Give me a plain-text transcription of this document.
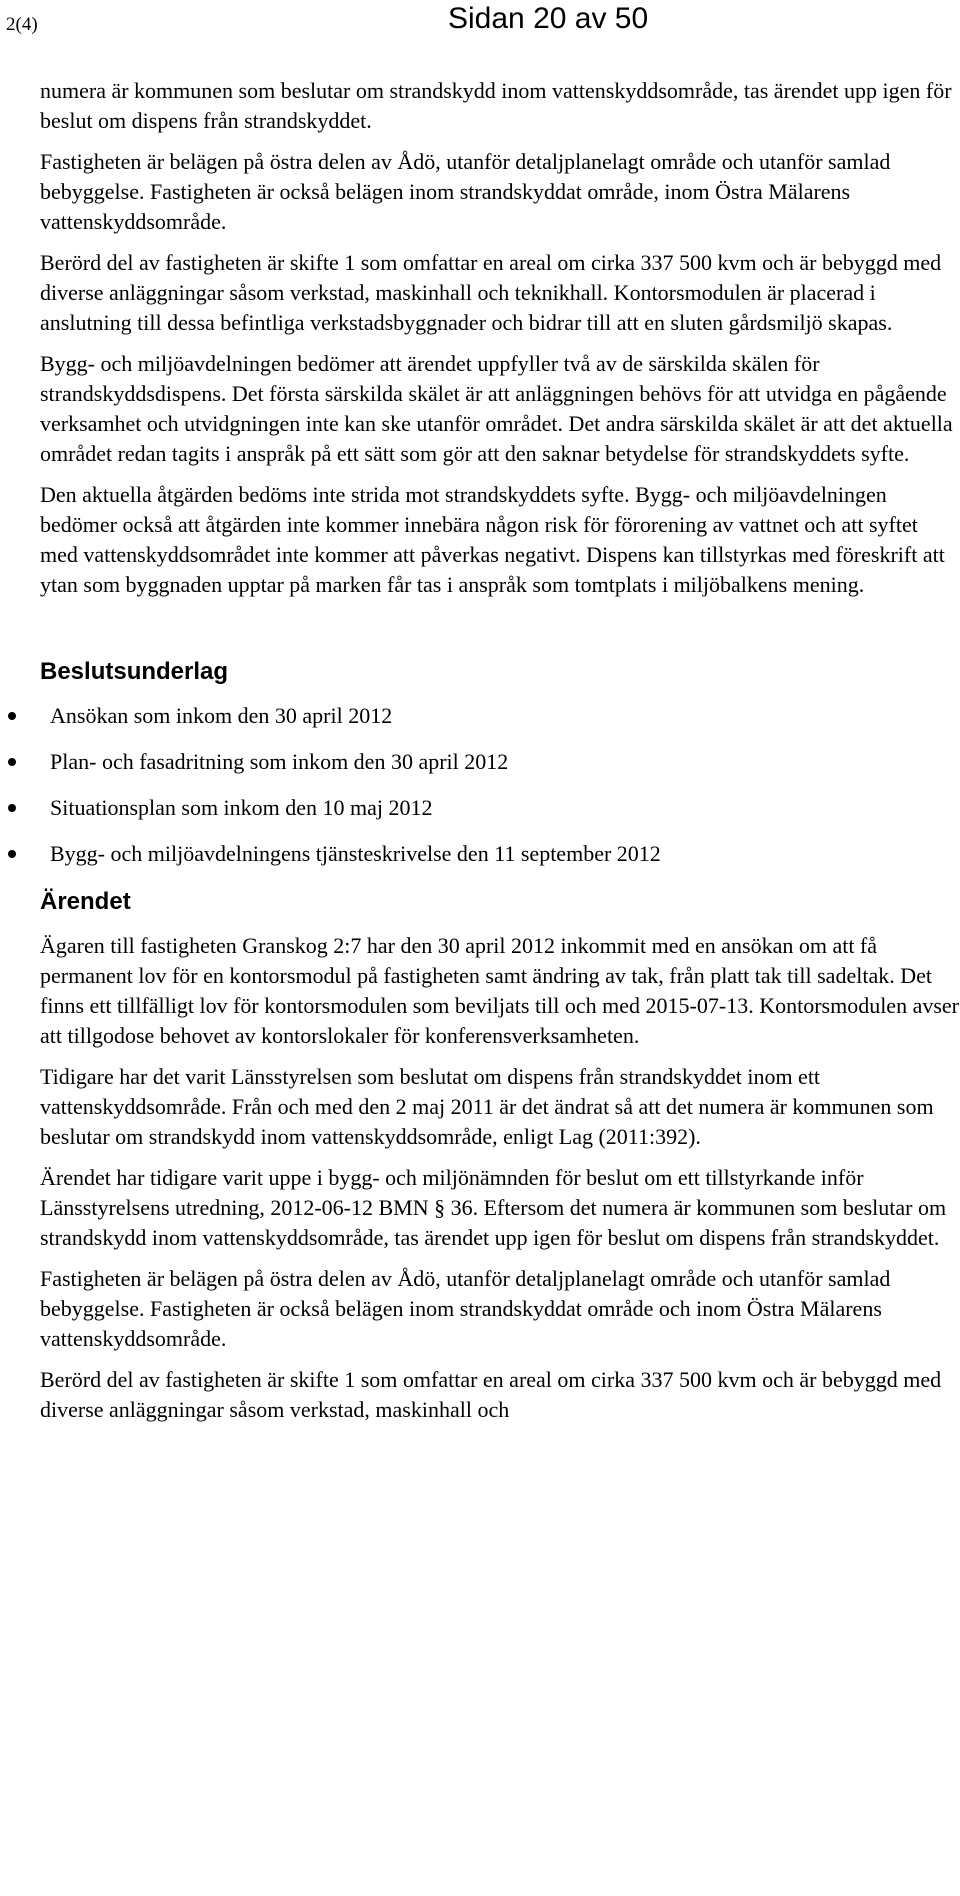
2(4)	Sidan 20 av 50

numera är kommunen som beslutar om strandskydd inom vattenskyddsområde, tas ärendet upp igen för beslut om dispens från strandskyddet.

Fastigheten är belägen på östra delen av Ådö, utanför detaljplanelagt område och utanför samlad bebyggelse. Fastigheten är också belägen inom strandskyddat område, inom Östra Mälarens vattenskyddsområde.

Berörd del av fastigheten är skifte 1 som omfattar en areal om cirka 337 500 kvm och är bebyggd med diverse anläggningar såsom verkstad, maskinhall och teknikhall. Kontorsmodulen är placerad i anslutning till dessa befintliga verkstadsbyggnader och bidrar till att en sluten gårdsmiljö skapas.

Bygg- och miljöavdelningen bedömer att ärendet uppfyller två av de särskilda skälen för strandskyddsdispens. Det första särskilda skälet är att anläggningen behövs för att utvidga en pågående verksamhet och utvidgningen inte kan ske utanför området. Det andra särskilda skälet är att det aktuella området redan tagits i anspråk på ett sätt som gör att den saknar betydelse för strandskyddets syfte.

Den aktuella åtgärden bedöms inte strida mot strandskyddets syfte. Bygg- och miljöavdelningen bedömer också att åtgärden inte kommer innebära någon risk för förorening av vattnet och att syftet med vattenskyddsområdet inte kommer att påverkas negativt. Dispens kan tillstyrkas med föreskrift att ytan som byggnaden upptar på marken får tas i anspråk som tomtplats i miljöbalkens mening.

Beslutsunderlag
Ansökan som inkom den 30 april 2012
Plan- och fasadritning som inkom den 30 april 2012
Situationsplan som inkom den 10 maj 2012
Bygg- och miljöavdelningens tjänsteskrivelse den 11 september 2012
Ärendet

Ägaren till fastigheten Granskog 2:7 har den 30 april 2012 inkommit med en ansökan om att få permanent lov för en kontorsmodul på fastigheten samt ändring av tak, från platt tak till sadeltak. Det finns ett tillfälligt lov för kontorsmodulen som beviljats till och med 2015-07-13. Kontorsmodulen avser att tillgodose behovet av kontorslokaler för konferensverksamheten.

Tidigare har det varit Länsstyrelsen som beslutat om dispens från strandskyddet inom ett vattenskyddsområde. Från och med den 2 maj 2011 är det ändrat så att det numera är kommunen som beslutar om strandskydd inom vattenskyddsområde, enligt Lag (2011:392).

Ärendet har tidigare varit uppe i bygg- och miljönämnden för beslut om ett tillstyrkande inför Länsstyrelsens utredning, 2012-06-12 BMN § 36. Eftersom det numera är kommunen som beslutar om strandskydd inom vattenskyddsområde, tas ärendet upp igen för beslut om dispens från strandskyddet.

Fastigheten är belägen på östra delen av Ådö, utanför detaljplanelagt område och utanför samlad bebyggelse. Fastigheten är också belägen inom strandskyddat område och inom Östra Mälarens vattenskyddsområde.

Berörd del av fastigheten är skifte 1 som omfattar en areal om cirka 337 500 kvm och är bebyggd med diverse anläggningar såsom verkstad, maskinhall och
